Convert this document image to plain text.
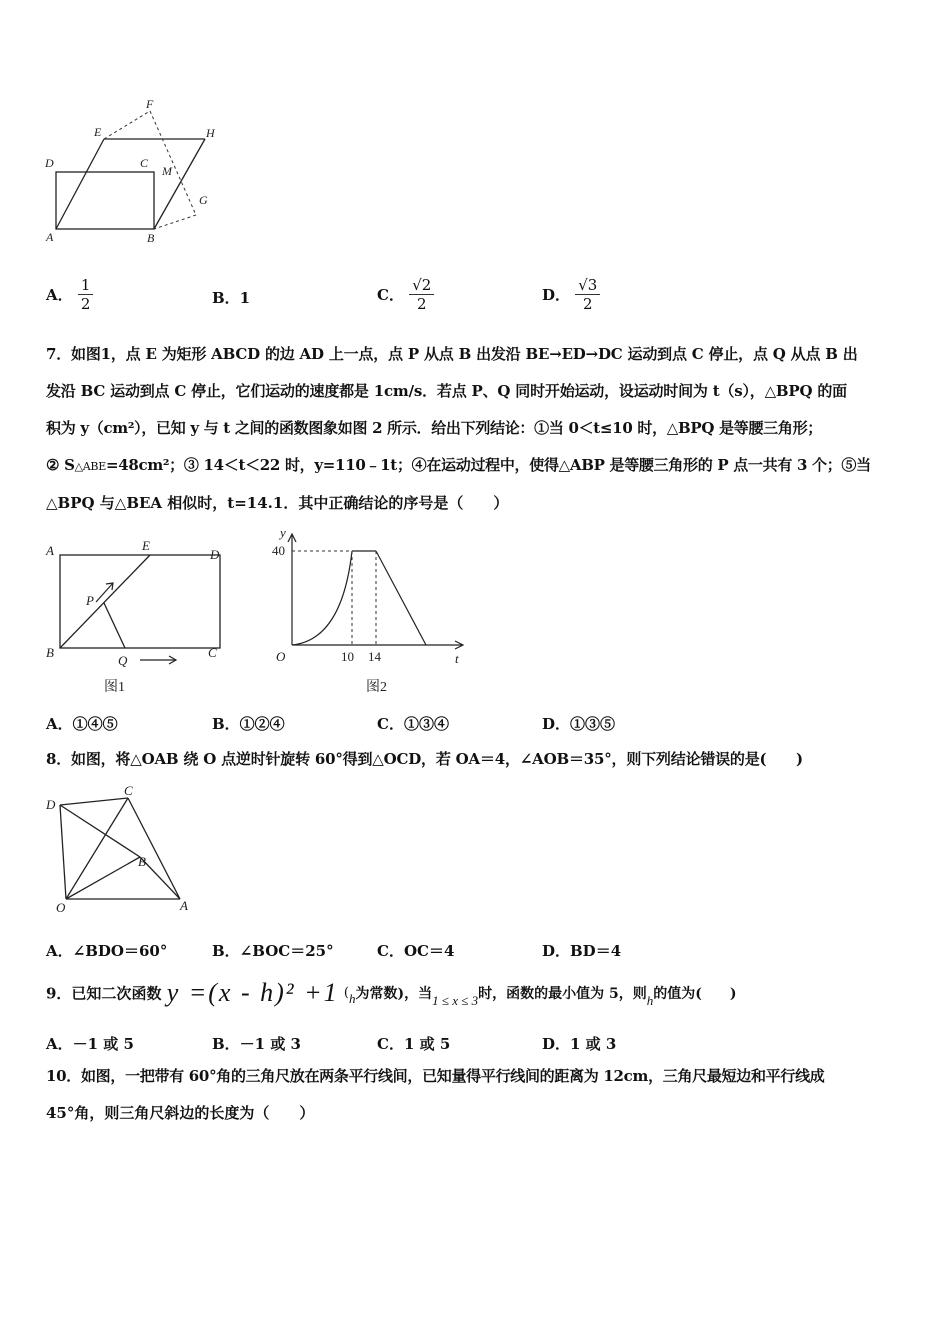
F
E	H
D	C
M
G
A	B
A． $\frac{1}{2}$	B．1	C． $\frac{√2}{2}$	D． $\frac{√3}{2}$
7．如图1，点 E 为矩形 ABCD 的边 AD 上一点，点 P 从点 B 出发沿 BE→ED→DC 运动到点 C 停止，点 Q 从点 B 出
发沿 BC 运动到点 C 停止，它们运动的速度都是 1cm/s．若点 P、Q 同时开始运动，设运动时间为 t（s），△BPQ 的面
积为 y（cm²），已知 y 与 t 之间的函数图象如图 2 所示．给出下列结论：①当 0＜t≤10 时，△BPQ 是等腰三角形；
② S△ABE=48cm²；③ 14＜t＜22 时，y=110﹣1t；④在运动过程中，使得△ABP 是等腰三角形的 P 点一共有 3 个；⑤当
△BPQ 与△BEA 相似时，t=14.1．其中正确结论的序号是（　　）
A	E
D
B
Q
C
P
图1
y
40
O	10 14	t
图2
A．①④⑤	B．①②④	C．①③④	D．①③⑤
8．如图，将△OAB 绕 O 点逆时针旋转 60°得到△OCD，若 OA＝4，∠AOB＝35°，则下列结论错误的是(　　)
D
C
B
O	A
A．∠BDO＝60°	B．∠BOC＝25°	C．OC＝4	D．BD＝4
9．已知二次函数 y =(x - h)² +1 (h为常数)，当1 ≤ x ≤ 3时，函数的最小值为 5，则h的值为(　　)
A．－1 或 5	B．－1 或 3	C．1 或 5	D．1 或 3
10．如图，一把带有 60°角的三角尺放在两条平行线间，已知量得平行线间的距离为 12cm，三角尺最短边和平行线成
45°角，则三角尺斜边的长度为（　　）
